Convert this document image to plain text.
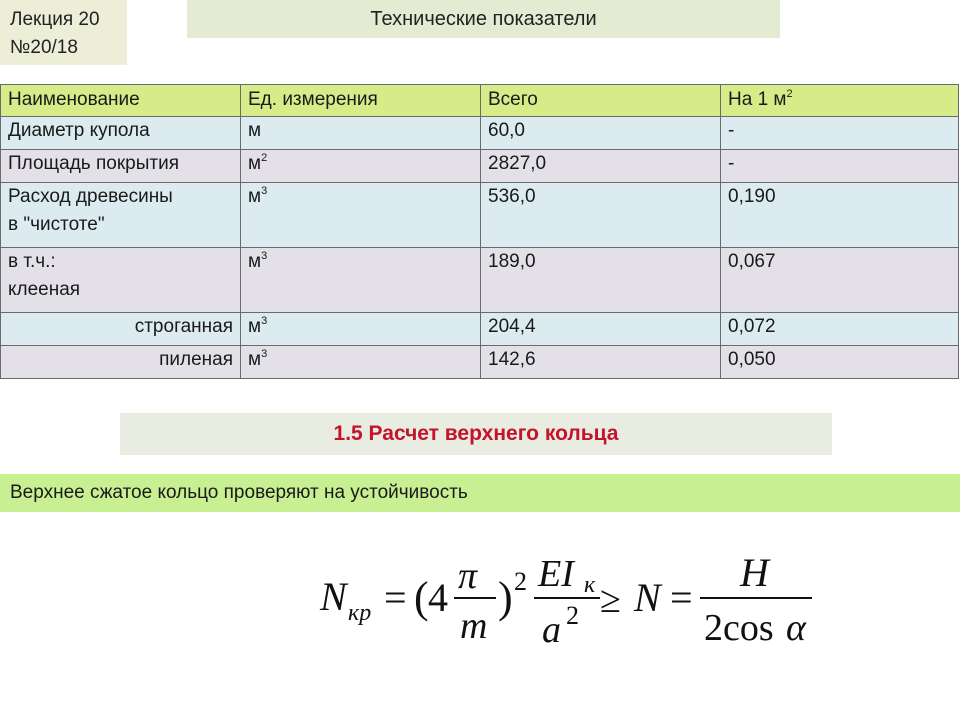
Лекция 20
№20/18
Технические показатели
Наименование	Ед. измерения	Всего	На 1 $м^2$
Диаметр купола	м	60,0	-
Площадь покрытия	$м^2$	2827,0	-

Расход древесины
в "чистоте"	$м^3$	536,0	0,190

в т.ч.:
клееная	$м^3$	189,0	0,067
строганная	$м^3$	204,4	0,072
пиленая	$м^3$	142,6	0,050
1.5 Расчет верхнего кольца
Верхнее сжатое кольцо проверяют на устойчивость
N кр = ( 4 π
m
) 2 EI к
a 2 ≥ N =
H
2cos α
